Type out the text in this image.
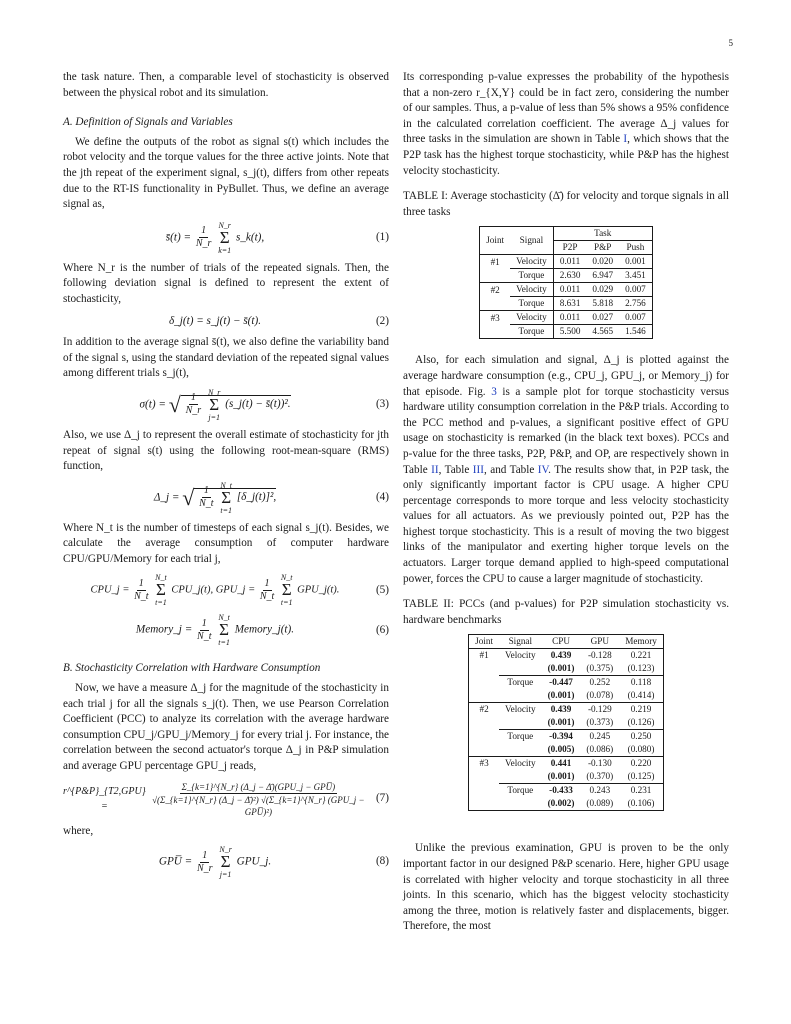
5

the task nature. Then, a comparable level of stochasticity is observed between the physical robot and its simulation.

A. Definition of Signals and Variables

We define the outputs of the robot as signal s(t) which includes the robot velocity and the torque values for the three active joints. Note that the jth repeat of the experiment signal, s_j(t), differs from other repeats due to the RT-IS functionality in PyBullet. Thus, we define an average signal as,

s̄(t) = $\frac{1}{N\_r}$
N_r
Σ
k=1
s_k(t),	(1)

Where N_r is the number of trials of the repeated signals. Then, the following deviation signal is defined to represent the extent of stochasticity,

δ_j(t) = s_j(t) − s̄(t).	(2)

In addition to the average signal s̄(t), we also define the variability band of the signal s, using the standard deviation of the repeated signal values among different trials s_j(t),

σ(t) = √ $\frac{1}{N\_r}$
N_r
Σ
j=1
(s_j(t) − s̄(t))².	(3)

Also, we use Δ_j to represent the overall estimate of stochasticity for jth repeat of signal s(t) using the following root-mean-square (RMS) function,

Δ_j = √ $\frac{1}{N\_t}$
N_t
Σ
t=1
[δ_j(t)]²,	(4)

Where N_t is the number of timesteps of each signal s_j(t). Besides, we calculate the average consumption of computer hardware CPU/GPU/Memory for each trial j,

CPU_j = $\frac{1}{N\_t}$
N_t
Σ
t=1
CPU_j(t), GPU_j = $\frac{1}{N\_t}$
N_t
Σ
t=1
GPU_j(t).	(5)
Memory_j = $\frac{1}{N\_t}$
N_t
Σ
t=1
Memory_j(t).	(6)

B. Stochasticity Correlation with Hardware Consumption

Now, we have a measure Δ_j for the magnitude of the stochasticity in each trial j for all the signals s_j(t). Then, we use Pearson Correlation Coefficient (PCC) to analyze its correlation with the average hardware consumption CPU_j/GPU_j/Memory_j for every trial j. For instance, the correlation between the second actuator's torque Δ_j in P&P simulation and average GPU percentage GPU_j reads,

r^{P&P}_{T2,GPU} =
Σ_{k=1}^{N_r} (Δ_j − Δ̄)(GPU_j − GPU̅)
√(Σ_{k=1}^{N_r} (Δ_j − Δ̄)²) √(Σ_{k=1}^{N_r} (GPU_j − GPU̅)²)
(7)

where,

GPU̅ = $\frac{1}{N\_r}$
N_r
Σ
j=1
GPU_j.	(8)

Its corresponding p-value expresses the probability of the hypothesis that a non-zero r_{X,Y} could be in fact zero, considering the number of our samples. Thus, a p-value of less than 5% shows a 95% confidence in the calculated correlation coefficient. The average Δ_j values for three tasks in the simulation are shown in Table I, which shows that the P2P task has the highest torque stochasticity, while P&P has the highest velocity stochasticity.

TABLE I: Average stochasticity (Δ̄) for velocity and torque signals in all three tasks

Joint	Signal	Task		
		P2P	P&P	Push
#1	Velocity	0.011	0.020	0.001
	Torque	2.630	6.947	3.451
#2	Velocity	0.011	0.029	0.007
	Torque	8.631	5.818	2.756
#3	Velocity	0.011	0.027	0.007
	Torque	5.500	4.565	1.546

Also, for each simulation and signal, Δ_j is plotted against the average hardware consumption (e.g., CPU_j, GPU_j, or Memory_j) for that episode. Fig. 3 is a sample plot for torque stochasticity versus hardware utility consumption correlation in the P&P trials. According to the PCC method and p-values, a significant positive effect of GPU usage on stochasticity is remarked (in the black text boxes). PCCs and p-value for the three tasks, P2P, P&P, and OP, are respectively shown in Table II, Table III, and Table IV. The results show that, in P2P task, the only significantly important factor is CPU usage. A higher CPU percentage corresponds to more torque and less velocity stochasticity values for all actuators. As we previously pointed out, P2P has the highest torque stochasticity. This is a result of moving the two biggest links of the manipulator and exerting higher torque levels on the actuators. Larger torque demand applied to high-speed computational power, forces the CPU to cause a larger magnitude of stochasticity.

TABLE II: PCCs (and p-values) for P2P simulation stochasticity vs. hardware benchmarks

Joint	Signal	CPU	GPU	Memory
#1	Velocity	0.439	-0.128	0.221
		(0.001)	(0.375)	(0.123)
	Torque	-0.447	0.252	0.118
		(0.001)	(0.078)	(0.414)
#2	Velocity	0.439	-0.129	0.219
		(0.001)	(0.373)	(0.126)
	Torque	-0.394	0.245	0.250
		(0.005)	(0.086)	(0.080)
#3	Velocity	0.441	-0.130	0.220
		(0.001)	(0.370)	(0.125)
	Torque	-0.433	0.243	0.231
		(0.002)	(0.089)	(0.106)

Unlike the previous examination, GPU is proven to be the only important factor in our designed P&P scenario. Here, higher GPU usage is correlated with higher velocity and torque stochasticity in all three joints. In this scenario, which has the biggest velocity stochasticity among the three, motion is relatively faster and displacements, bigger. Therefore, the most
